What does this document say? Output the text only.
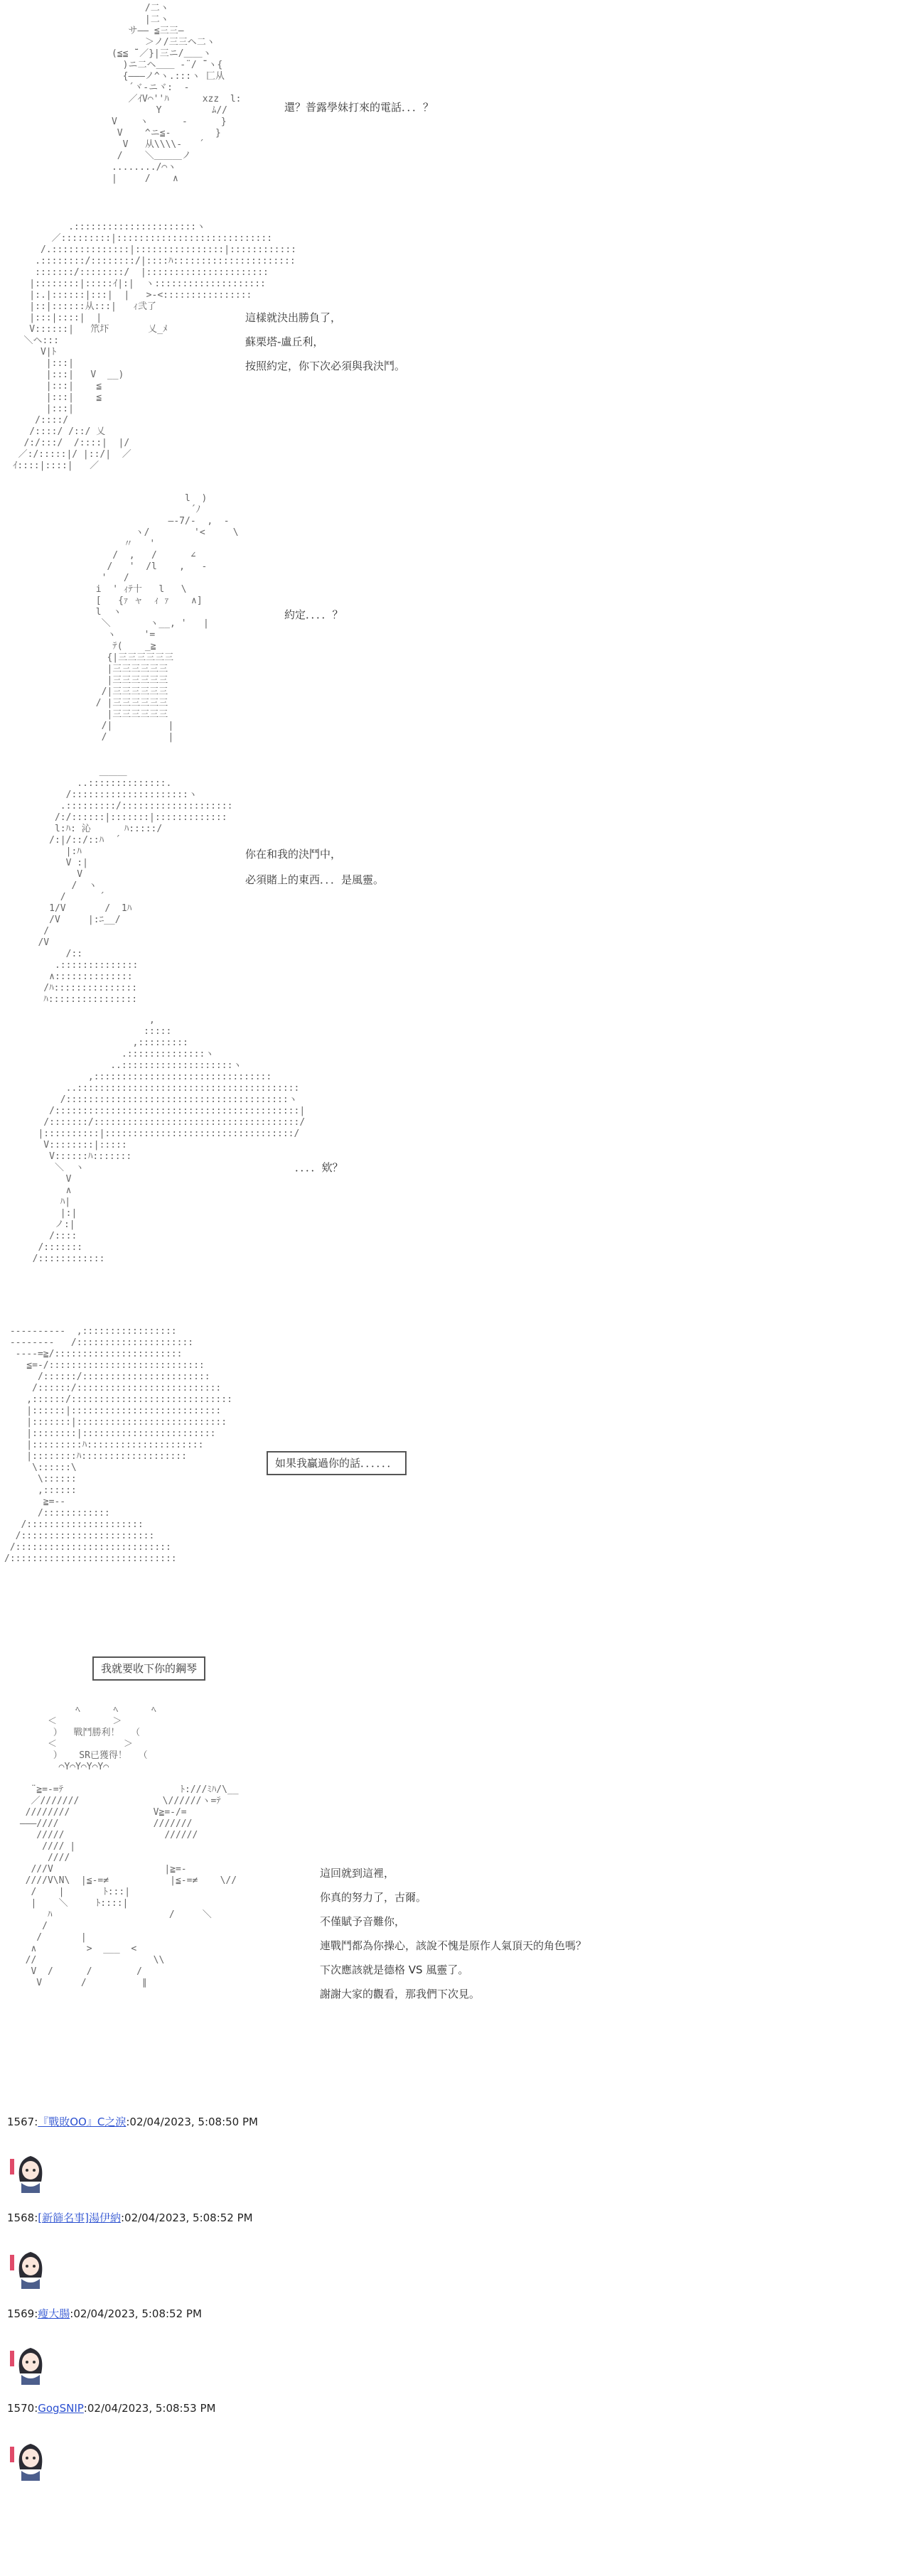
/二ヽ
|二ヽ
サ―― ≦三三―
＞ノ/三三ヘ二ヽ
(≦≦ ̄¨／}|三ニ/＿＿ヽ
)ニ二ヘ＿＿ ‐¨/ ̄¨ヽ{
{―――ノ^ヽ.:::ヽ 匚从
´ヾ‐ニヾ:  ‐
／ｲV⌒''ﾊ      xzz  l:
Y         ﾑ//
V    ヽ      ‐      }
V    ^ニ≦‐        }
V   从\\\\‐   ´
/    ＼＿＿＿ノ
......../⌒ヽ
|     /    ∧
還？普露學妹打來的電話．．．？
.::::::::::::::::::::::ヽ
／:::::::::|::::::::::::::::::::::::::::
/.::::::::::::::|::::::::::::::::|::::::::::::
.::::::::/::::::::/|::::ﾊ::::::::::::::::::::::
:::::::/::::::::/  |::::::::::::::::::::::
|::::::::|:::::ｲ|:|  ヽ::::::::::::::::::::
|:.|::::::|:::|  |   >‐<::::::::::::::::
|::|::::::从:::|   ｨ弐了
|:::|::::|  |
V::::::|   笊圷       乂_ﾒ
＼ヘ:::
V|ﾄ
|:::|
|:::|   V  __)
|:::|    ≦
|:::|    ≦
|:::|
/::::/
/::::/ /::/ 乂
/:/:::/  /::::|  |/
／:/:::::|/ |::/|  ／
ｲ::::|::::|   ／
這樣就決出勝負了，
蘇栗塔-盧丘利，
按照約定，你下次必須與我決鬥。
l  )
´ﾉ
―-7/‐  ,  ‐
ヽ/        '<     \
〃   '
/  ,   /      ∠
/   '  /l    ,   ‐
'   /
i  ' ｨﾃ十   l   \
[   {ｧ ャ  ｨ ｧ    ∧]
l  ヽ
＼       ヽ__, '   |
ヽ     '=
ﾃ(    _≧
{|三三三三三三
|三三三三三三
|三三三三三三
/|三三三三三三
/ |三三三三三三
|三三三三三三
/|          |
/           |
約定．．．．？
＿＿＿
..::::::::::::::.
/:::::::::::::::::::::ヽ
.:::::::::/::::::::::::::::::::
/:/::::::|:::::::|:::::::::::::
l:ﾊ: 沁      ﾊ:::::/
/:|/::/::ﾊ  ´
|:ﾊ
V :|
V
/  ヽ
/      ´
1/V       /  1ﾊ
/V     |:ﾆ__/
/
/V
/::
.::::::::::::::
∧::::::::::::::
/ﾊ:::::::::::::::
ﾊ::::::::::::::::
你在和我的決鬥中，
必須賭上的東西．．．是風靈。
,
:::::
,:::::::::
.::::::::::::::ヽ
..::::::::::::::::::::ヽ
,::::::::::::::::::::::::::::::::
..::::::::::::::::::::::::::::::::::::::::
/::::::::::::::::::::::::::::::::::::::::ヽ
/::::::::::::::::::::::::::::::::::::::::::::|
/:::::::/:::::::::::::::::::::::::::::::::::::/
|::::::::::|::::::::::::::::::::::::::::::::::/
V::::::::|:::::
V::::::ﾊ:::::::
＼  ヽ
V
∧
ﾊ|
|:|
ノ:|
/::::
/:::::::
/::::::::::::
．．．．欸？
----------  ,:::::::::::::::::
--------   /:::::::::::::::::::::
----=≧/:::::::::::::::::::::::
≦=-/::::::::::::::::::::::::::::
/::::::/:::::::::::::::::::::::
/::::::/::::::::::::::::::::::::::
,::::::/:::::::::::::::::::::::::::::
|::::::|:::::::::::::::::::::::::::
|:::::::|:::::::::::::::::::::::::::
|::::::::|::::::::::::::::::::::::
|:::::::::ﾊ:::::::::::::::::::::
|::::::::ﾊ:::::::::::::::::::
\::::::\
\::::::
,::::::
≧=--
/::::::::::::
/:::::::::::::::::::::
/::::::::::::::::::::::::
/::::::::::::::::::::::::::::
/::::::::::::::::::::::::::::::
如果我贏過你的話．．．．．．
我就要收下你的鋼琴
ﾍ      ﾍ      ﾍ
＜          ＞
）  戰鬥勝利！  （
＜            ＞
）   SR已獲得！  （
⌒Y⌒Y⌒Y⌒Y⌒

¨≧=-=ﾃ                     ﾄ:///ﾐﾊ/\__
／///////               \//////ヽ=ﾃ
////////               V≧=-/=
―――////                 ///////
/////                  //////
//// |
////
///V                    |≧=-
////V\N\  |≦-=≠           |≦-=≠    \//
/    |       ﾄ:::|
|    ＼     ﾄ::::|
ﾊ                     /     ＼
/
/       |
∧         >  ___  <
//                     \\
V  /      /        /
V       /          ∥

這回就到這裡，
你真的努力了，古爾。
不僅賦予音難你，
連戰鬥都為你操心，該說不愧是原作人氣頂天的角色嗎？
下次應該就是德格 VS 風靈了。
謝謝大家的觀看，那我們下次見。
1567:『戰敗OO』C之淚:02/04/2023, 5:08:50 PM
1568:[新篩名事]湯伊納:02/04/2023, 5:08:52 PM
1569:瘦大腸:02/04/2023, 5:08:52 PM
1570:GogSNIP:02/04/2023, 5:08:53 PM
